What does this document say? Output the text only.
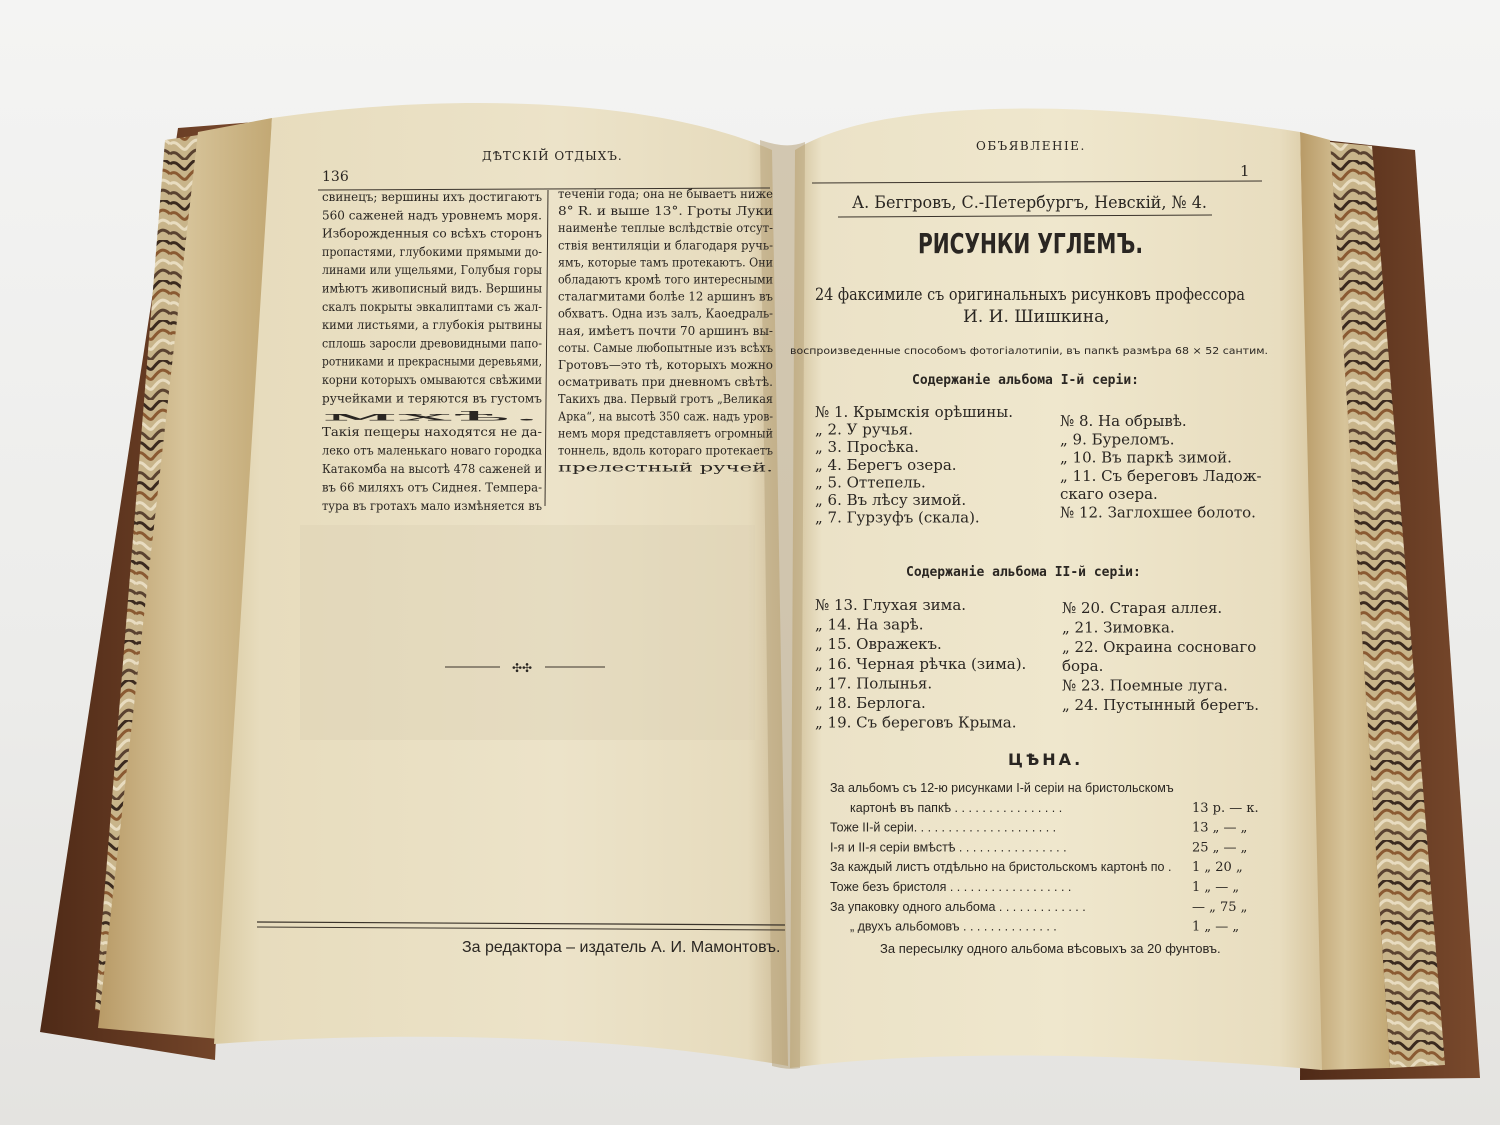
136
ДѢТСКІЙ ОТДЫХЪ.
свинецъ; вершины ихъ достигаютъ
560 саженей надъ уровнемъ моря.
Изборожденныя со всѣхъ сторонъ
пропастями, глубокими прямыми до-
линами или ущельями, Голубыя горы
имѣютъ живописный видъ. Вершины
скалъ покрыты эвкалиптами съ жал-
кими листьями, а глубокія рытвины
сплошь заросли древовидными папо-
ротниками и прекрасными деревьями,
корни которыхъ омываются свѣжими
ручейками и теряются въ густомъ
мхѣ.
Такія пещеры находятся не да-
леко отъ маленькаго новаго городка
Катакомба на высотѣ 478 саженей и
въ 66 миляхъ отъ Сиднея. Темпера-
тура въ гротахъ мало измѣняется въ
теченіи года; она не бываетъ ниже
8° R. и выше 13°. Гроты Луки
наименѣе теплые вслѣдствіе отсут-
ствія вентиляціи и благодаря ручь-
ямъ, которые тамъ протекаютъ. Они
обладаютъ кромѣ того интересными
сталагмитами болѣе 12 аршинъ въ
обхватъ. Одна изъ залъ, Каоедраль-
ная, имѣетъ почти 70 аршинъ вы-
соты. Самые любопытные изъ всѣхъ
Гротовъ—это тѣ, которыхъ можно
осматривать при дневномъ свѣтѣ.
Такихъ два. Первый гротъ „Великая
Арка“, на высотѣ 350 саж. надъ уров-
немъ моря представляетъ огромный
тоннель, вдоль котораго протекаетъ
прелестный ручей.
✣✣
За редактора – издатель А. И. Мамонтовъ.
ОБЪЯВЛЕНІЕ.
1
А. Беггровъ, С.-Петербургъ, Невскій, № 4.
РИСУНКИ УГЛЕМЪ.
24 факсимиле съ оригинальныхъ рисунковъ профессора
И. И. Шишкина,
воспроизведенные способомъ фотогіалотипіи, въ папкѣ размѣра 68 × 52 сантим.
Содержаніе альбома I-й серіи:
№ 1. Крымскія орѣшины.
„ 2. У ручья.
„ 3. Просѣка.
„ 4. Берегъ озера.
„ 5. Оттепель.
„ 6. Въ лѣсу зимой.
„ 7. Гурзуфъ (скала).
№ 8. На обрывѣ.
„ 9. Буреломъ.
„ 10. Въ паркѣ зимой.
„ 11. Съ береговъ Ладож-
скаго озера.
№ 12. Заглохшее болото.
Содержаніе альбома II-й серіи:
№ 13. Глухая зима.
„ 14. На зарѣ.
„ 15. Овражекъ.
„ 16. Черная рѣчка (зима).
„ 17. Полынья.
„ 18. Берлога.
„ 19. Съ береговъ Крыма.
№ 20. Старая аллея.
„ 21. Зимовка.
„ 22. Окраина сосноваго
бора.
№ 23. Поемные луга.
„ 24. Пустынный берегъ.
ЦѢНА.
За альбомъ съ 12-ю рисунками I-й серіи на бристольскомъ
картонѣ въ папкѣ . . . . . . . . . . . . . . . .	13 р. — к.
Тоже II-й серіи. . . . . . . . . . . . . . . . . . . . .	13 „ — „
I-я и II-я серіи вмѣстѣ . . . . . . . . . . . . . . . .	25 „ — „
За каждый листъ отдѣльно на бристольскомъ картонѣ по . 1 „ 20 „
Тоже безъ бристоля . . . . . . . . . . . . . . . . . .	1 „ — „
За упаковку одного альбома . . . . . . . . . . . . .	— „ 75 „
„ двухъ альбомовъ . . . . . . . . . . . . . .	1 „ — „
За пересылку одного альбома вѣсовыхъ за 20 фунтовъ.
